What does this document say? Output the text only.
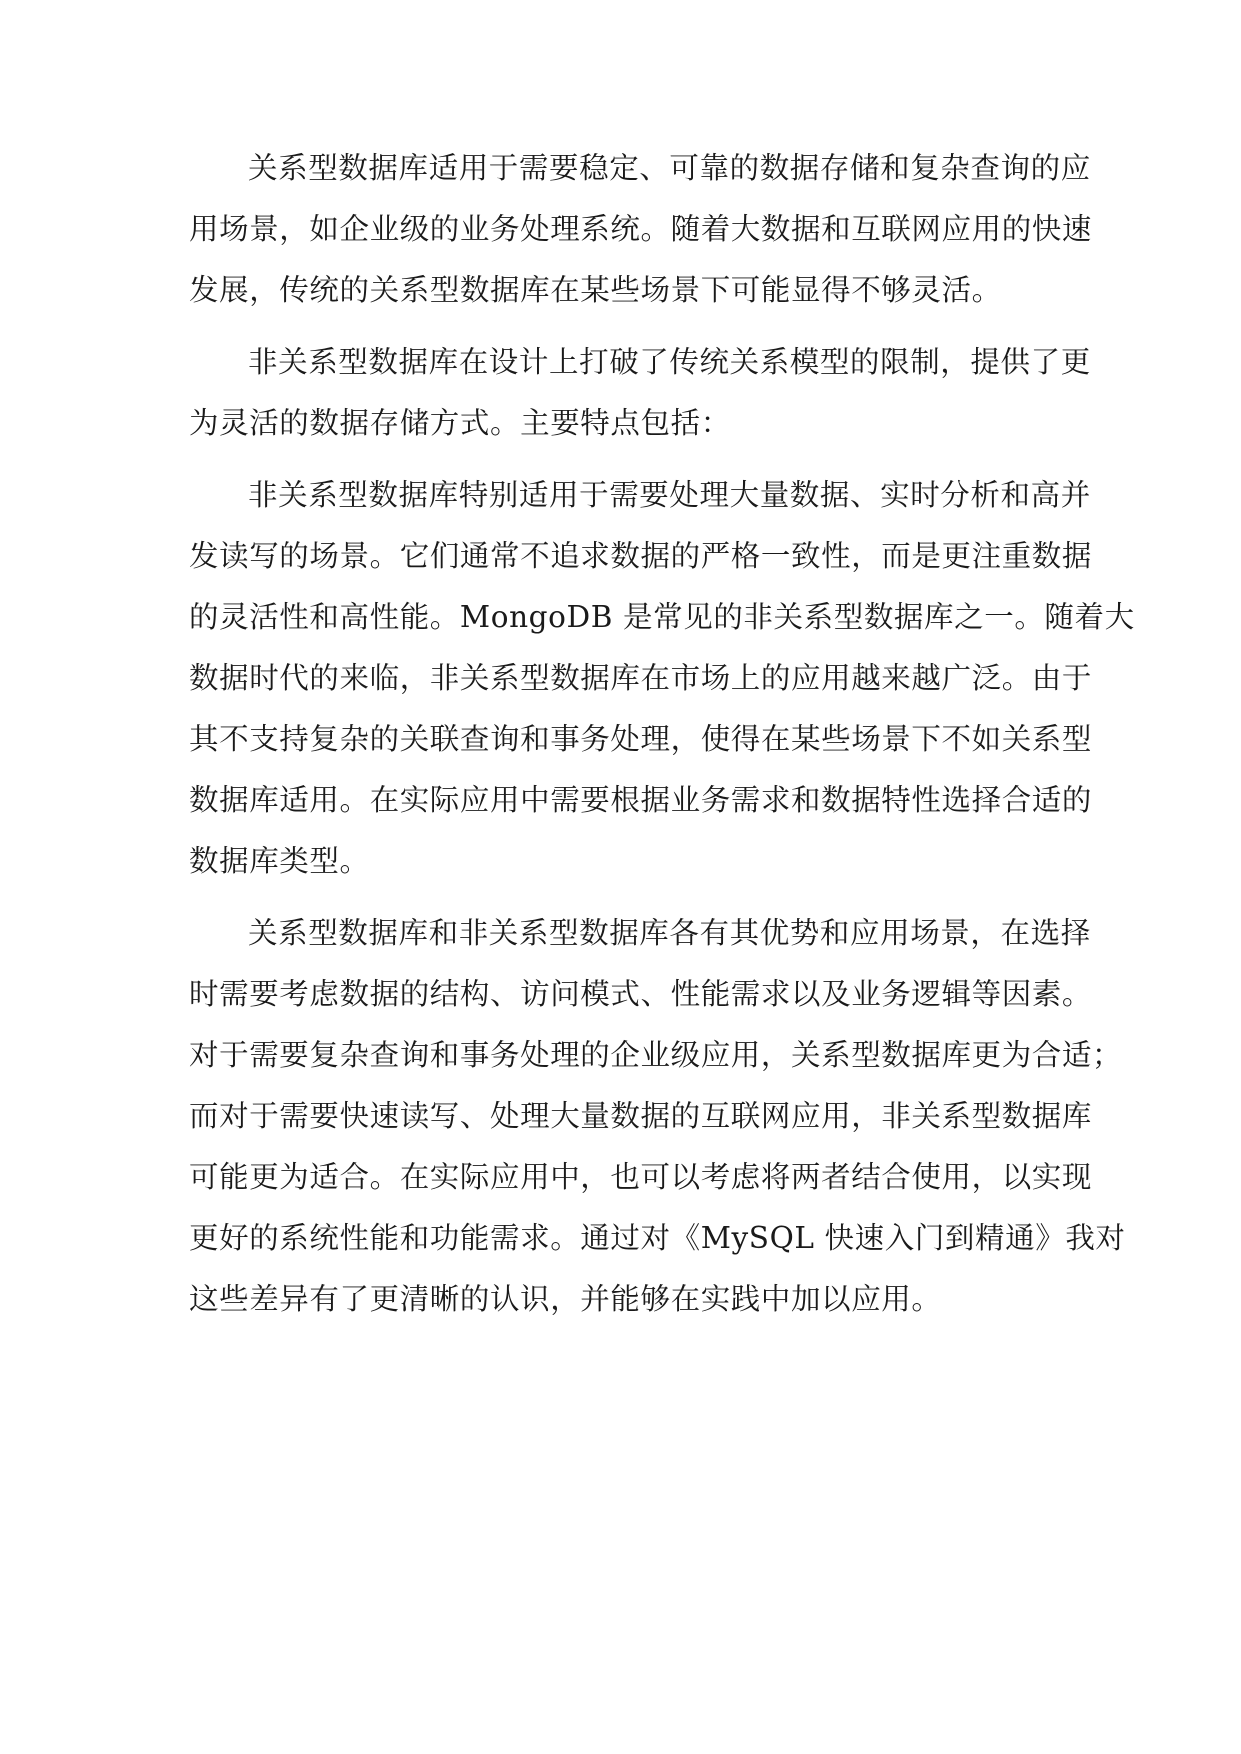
关系型数据库适用于需要稳定、可靠的数据存储和复杂查询的应
用场景，如企业级的业务处理系统。随着大数据和互联网应用的快速
发展，传统的关系型数据库在某些场景下可能显得不够灵活。
非关系型数据库在设计上打破了传统关系模型的限制，提供了更
为灵活的数据存储方式。主要特点包括：
非关系型数据库特别适用于需要处理大量数据、实时分析和高并
发读写的场景。它们通常不追求数据的严格一致性，而是更注重数据
的灵活性和高性能。MongoDB 是常见的非关系型数据库之一。随着大
数据时代的来临，非关系型数据库在市场上的应用越来越广泛。由于
其不支持复杂的关联查询和事务处理，使得在某些场景下不如关系型
数据库适用。在实际应用中需要根据业务需求和数据特性选择合适的
数据库类型。
关系型数据库和非关系型数据库各有其优势和应用场景，在选择
时需要考虑数据的结构、访问模式、性能需求以及业务逻辑等因素。
对于需要复杂查询和事务处理的企业级应用，关系型数据库更为合适；
而对于需要快速读写、处理大量数据的互联网应用，非关系型数据库
可能更为适合。在实际应用中，也可以考虑将两者结合使用，以实现
更好的系统性能和功能需求。通过对《MySQL 快速入门到精通》我对
这些差异有了更清晰的认识，并能够在实践中加以应用。
